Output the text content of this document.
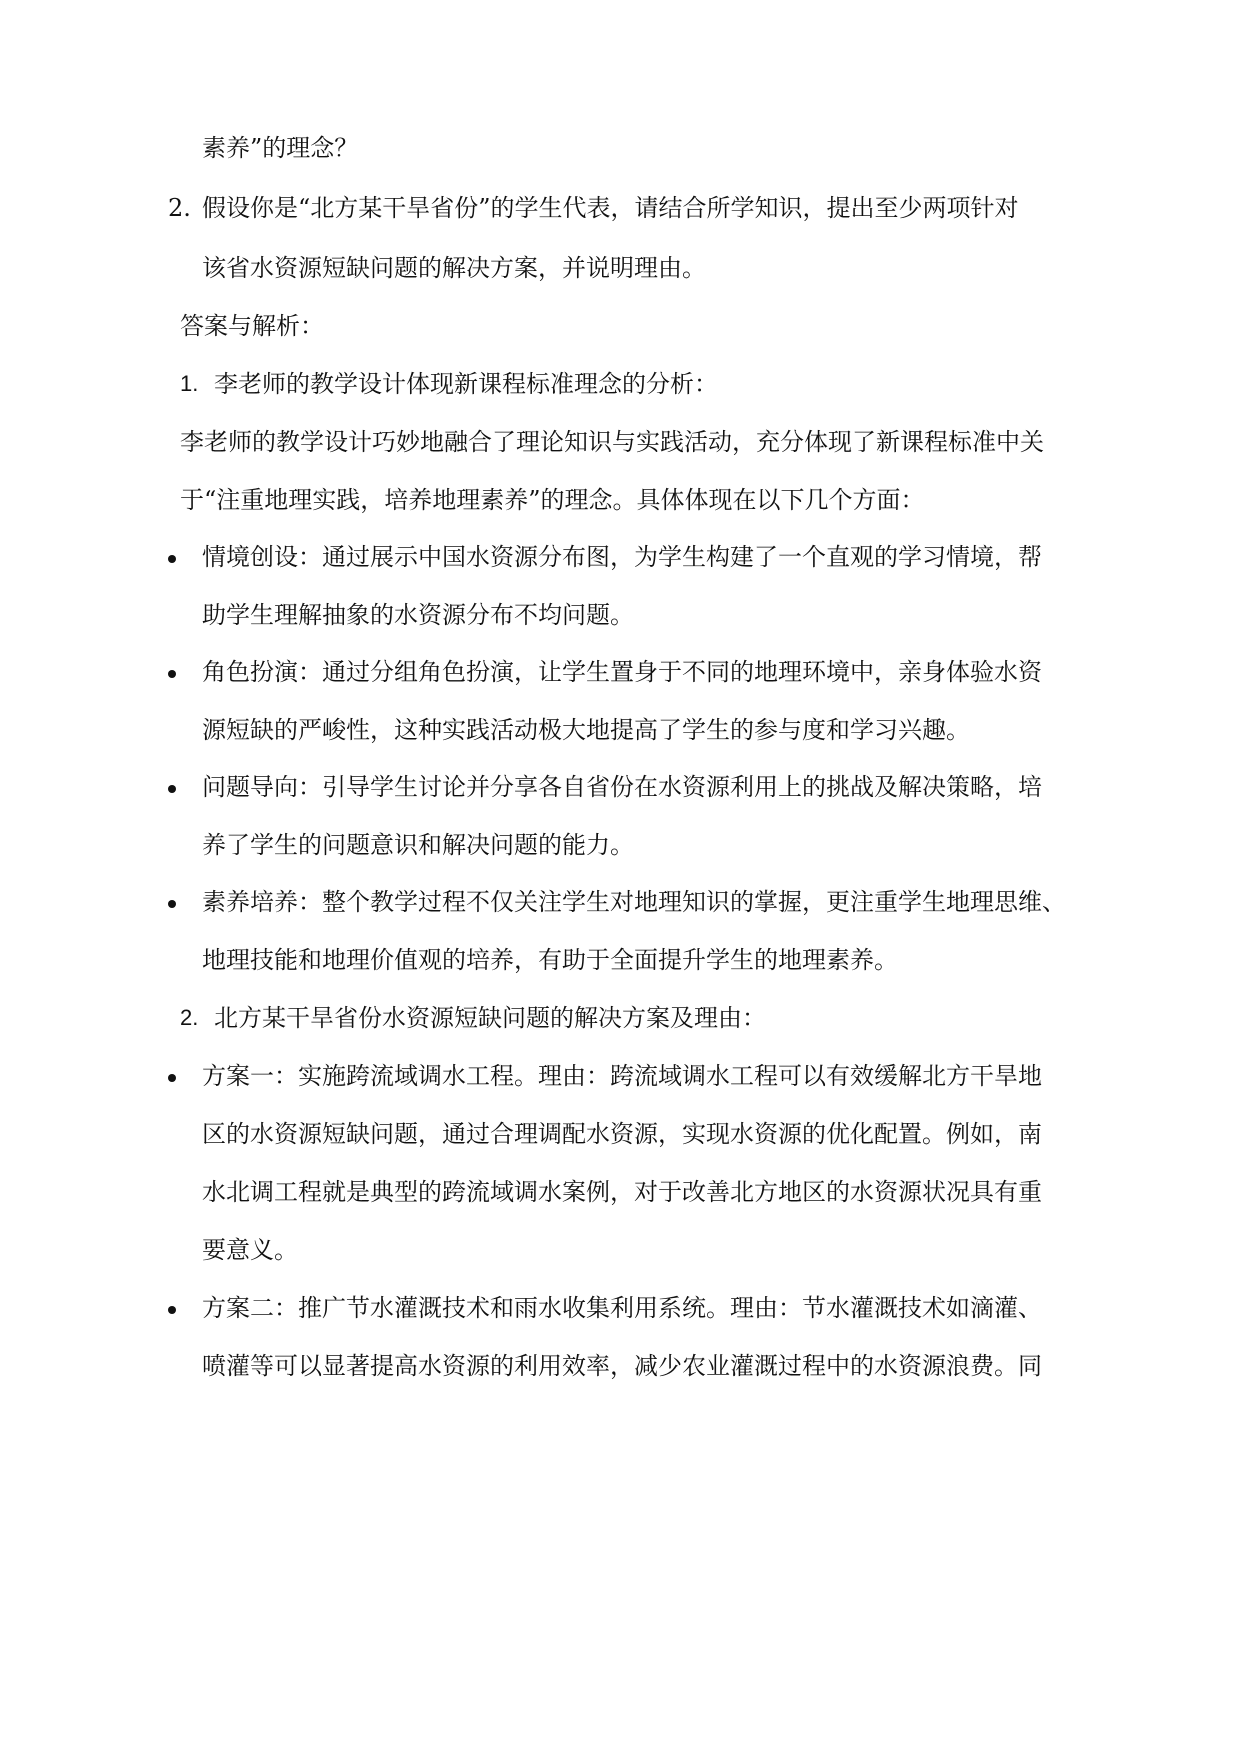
素养”的理念？
2. 假设你是“北方某干旱省份”的学生代表，请结合所学知识，提出至少两项针对
该省水资源短缺问题的解决方案，并说明理由。
答案与解析：
1. 李老师的教学设计体现新课程标准理念的分析：
李老师的教学设计巧妙地融合了理论知识与实践活动，充分体现了新课程标准中关
于“注重地理实践，培养地理素养”的理念。具体体现在以下几个方面：
情境创设：通过展示中国水资源分布图，为学生构建了一个直观的学习情境，帮
助学生理解抽象的水资源分布不均问题。
角色扮演：通过分组角色扮演，让学生置身于不同的地理环境中，亲身体验水资
源短缺的严峻性，这种实践活动极大地提高了学生的参与度和学习兴趣。
问题导向：引导学生讨论并分享各自省份在水资源利用上的挑战及解决策略，培
养了学生的问题意识和解决问题的能力。
素养培养：整个教学过程不仅关注学生对地理知识的掌握，更注重学生地理思维、
地理技能和地理价值观的培养，有助于全面提升学生的地理素养。
2. 北方某干旱省份水资源短缺问题的解决方案及理由：
方案一：实施跨流域调水工程。理由：跨流域调水工程可以有效缓解北方干旱地
区的水资源短缺问题，通过合理调配水资源，实现水资源的优化配置。例如，南
水北调工程就是典型的跨流域调水案例，对于改善北方地区的水资源状况具有重
要意义。
方案二：推广节水灌溉技术和雨水收集利用系统。理由：节水灌溉技术如滴灌、
喷灌等可以显著提高水资源的利用效率，减少农业灌溉过程中的水资源浪费。同
